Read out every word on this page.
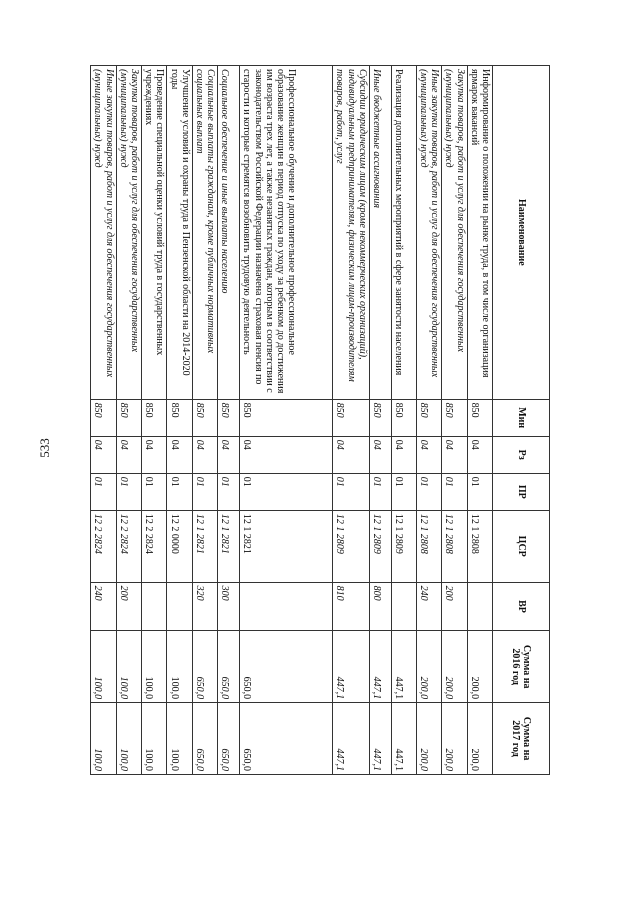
533
Наименование	Мин	Рз	ПР	ЦСР	ВР	Сумма на 2016 год	Сумма на 2017 год
Информирование о положении на рынке труда, в том числе организация ярмарок вакансий	850	04	01	12 1 2808		200,0	200,0
Закупка товаров, работ и услуг для обеспечения государственных (муниципальных) нужд	850	04	01	12 1 2808	200	200,0	200,0
Иные закупки товаров, работ и услуг для обеспечения государственных (муниципальных) нужд	850	04	01	12 1 2808	240	200,0	200,0
Реализация дополнительных мероприятий в сфере занятости населения	850	04	01	12 1 2809		447,1	447,1
Иные бюджетные ассигнования	850	04	01	12 1 2809	800	447,1	447,1
Субсидии юридическим лицам (кроме некоммерческих организаций), индивидуальным предпринимателям, физическим лицам-производителям товаров, работ, услуг	850	04	01	12 1 2809	810	447,1	447,1
Профессиональное обучение и дополнительное профессиональное образование женщин в период отпуска по уходу за ребенком до достижения им возраста трех лет, а также незанятых граждан, которым в соответствии с законодательством Российской Федерации назначена страховая пенсия по старости и которые стремятся возобновить трудовую деятельность	850	04	01	12 1 2821		650,0	650,0
Социальное обеспечение и иные выплаты населению	850	04	01	12 1 2821	300	650,0	650,0
Социальные выплаты гражданам, кроме публичных нормативных социальных выплат	850	04	01	12 1 2821	320	650,0	650,0
Улучшение условий и охраны труда в Пензенской области на 2014-2020 годы	850	04	01	12 2 0000		100,0	100,0
Проведение специальной оценки условий труда в государственных учреждениях	850	04	01	12 2 2824		100,0	100,0
Закупка товаров, работ и услуг для обеспечения государственных (муниципальных) нужд	850	04	01	12 2 2824	200	100,0	100,0
Иные закупки товаров, работ и услуг для обеспечения государственных (муниципальных) нужд	850	04	01	12 2 2824	240	100,0	100,0
